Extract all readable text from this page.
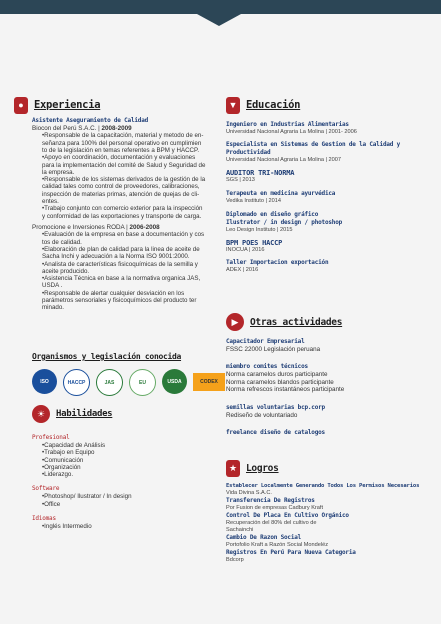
● Experiencia
Asistente Aseguramiento de Calidad
Biocon del Perú S.A.C. | 2008-2009
•Responsable de la capacitación, material y metodo de en-
señanza para 100% del personal operativo en cumplimien
to de la legislación en temas referentes a BPM y HACCP.
•Apoyo en coordinación, documentación y evaluaciones
para la implementación del comité de Salud y Seguridad de
la empresa.
•Responsable de los sistemas derivados de la gestión de la
calidad tales como control de proveedores, calibraciones,
inspección de materias primas, atención de quejas de cli-
entes.
•Trabajo conjunto con comercio exterior para la inspección
y conformidad de las exportaciones y transporte de carga.
Promocione e Inversiones RODA | 2006-2008
•Evaluación de la empresa en base a documentación y cos
tos de calidad.
•Elaboración de plan de calidad para la linea de aceite de
Sacha Inchi y adecuación a la Norma ISO 9001:2000.
•Analista de características fisicoquímicas de la semilla y
aceite producido.
•Asistencia Técnica en base a la normativa organica JAS,
USDA .
•Responsable de alertar cualquier desviación en los
parámetros sensoriales y fisicoquímicos del producto ter
minado.
Organismos y legislación conocida
ISO	HACCP	JAS	EU	USDA	CODEX
☀	Habilidades
Profesional
•Capacidad de Análisis
•Trabajo en Equipo
•Comunicación
•Organización
•Liderazgo.
Software
•Photoshop/ Ilustrator / In design
•Office
Idiomas
•Inglés Intermedio
▼ Educación
Ingeniero en Industrias Alimentarias
Universidad Nacional Agraria La Molina | 2001- 2006
Especialista en Sistemas de Gestion de la Calidad y Productividad
Universidad Nacional Agraria La Molina | 2007
AUDITOR TRI-NORMA
SGS | 2013
Terapeuta en medicina ayurvédica
Vedika Instituto | 2014
Diplomado en diseño gráfico
Ilustrator / in design / photoshop
Leo Design Instituto | 2015
BPM POES HACCP
INOCUA | 2016
Taller Importacion exportación
ADEX | 2016
▶	Otras actividades
Capacitador Empresarial
FSSC 22000 Legislación peruana
miembro comites técnicos
Norma caramelos duros participante
Norma caramelos blandos participante
Norma refrescos instantáneos participante
semillas voluntarias bcp.corp
Rediseño de voluntariado
freelance diseño de catalogos
★ Logros
Establecer Localmente Generando Todos Los Permisos Necesarios
Vida Divina S.A.C.
Transferencia De Registros
Por Fusion de empresas Cadbury Kraft
Control De Placa En Cultivo Orgánico
Recuperación del 80% del cultivo de
Sachainchi
Cambio De Razon Social
Portofolio Kraft a Razón Social Mondeléz
Registros En Perú Para Nueva Categoria
Bdcorp
